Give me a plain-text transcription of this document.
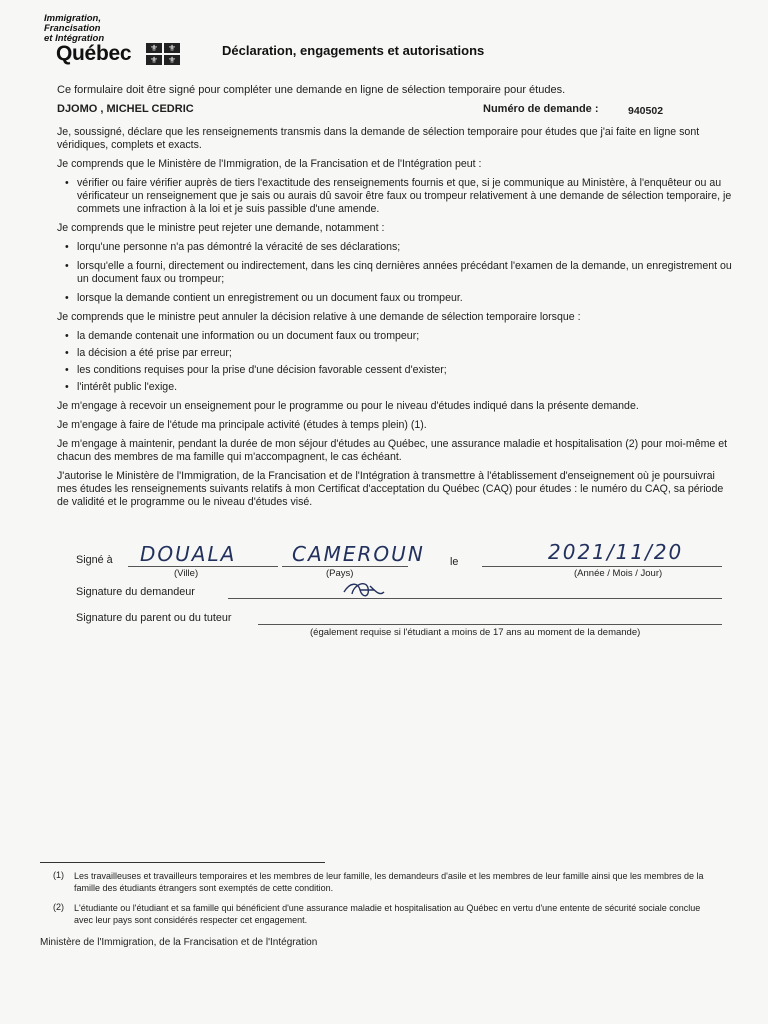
Immigration,
Francisation
et Intégration
Québec	⚜	⚜
⚜	⚜
Déclaration, engagements et autorisations
Ce formulaire doit être signé pour compléter une demande en ligne de sélection temporaire pour études.
DJOMO , MICHEL CEDRIC	Numéro de demande :	940502

Je, soussigné, déclare que les renseignements transmis dans la demande de sélection temporaire pour études que j'ai faite en ligne sont véridiques, complets et exacts.

Je comprends que le Ministère de l'Immigration, de la Francisation et de l'Intégration peut :

• vérifier ou faire vérifier auprès de tiers l'exactitude des renseignements fournis et que, si je communique au Ministère, à l'enquêteur ou au vérificateur un renseignement que je sais ou aurais dû savoir être faux ou trompeur relativement à une demande de sélection temporaire, je commets une infraction à la loi et je suis passible d'une amende.

Je comprends que le ministre peut rejeter une demande, notamment :

• lorqu'une personne n'a pas démontré la véracité de ses déclarations;
• lorsqu'elle a fourni, directement ou indirectement, dans les cinq dernières années précédant l'examen de la demande, un enregistrement ou un document faux ou trompeur;
• lorsque la demande contient un enregistrement ou un document faux ou trompeur.

Je comprends que le ministre peut annuler la décision relative à une demande de sélection temporaire lorsque :

• la demande contenait une information ou un document faux ou trompeur;
• la décision a été prise par erreur;
• les conditions requises pour la prise d'une décision favorable cessent d'exister;
• l'intérêt public l'exige.

Je m'engage à recevoir un enseignement pour le programme ou pour le niveau d'études indiqué dans la présente demande.

Je m'engage à faire de l'étude ma principale activité (études à temps plein) (1).

Je m'engage à maintenir, pendant la durée de mon séjour d'études au Québec, une assurance maladie et hospitalisation (2) pour moi-même et chacun des membres de ma famille qui m'accompagnent, le cas échéant.

J'autorise le Ministère de l'Immigration, de la Francisation et de l'Intégration à transmettre à l'établissement d'enseignement où je poursuivrai mes études les renseignements suivants relatifs à mon Certificat d'acceptation du Québec (CAQ) pour études : le numéro du CAQ, sa période de validité et le programme ou le niveau d'études visé.

Signé à DOUALA
(Ville)
CAMEROUN
(Pays)
le	2021/11/20
(Année / Mois / Jour)
Signature du demandeur
Signature du parent ou du tuteur
(également requise si l'étudiant a moins de 17 ans au moment de la demande)
(1) Les travailleuses et travailleurs temporaires et les membres de leur famille, les demandeurs d'asile et les membres de leur famille ainsi que les membres de la famille des étudiants étrangers sont exemptés de cette condition.
(2) L'étudiante ou l'étudiant et sa famille qui bénéficient d'une assurance maladie et hospitalisation au Québec en vertu d'une entente de sécurité sociale conclue avec leur pays sont considérés respecter cet engagement.
Ministère de l'Immigration, de la Francisation et de l'Intégration
